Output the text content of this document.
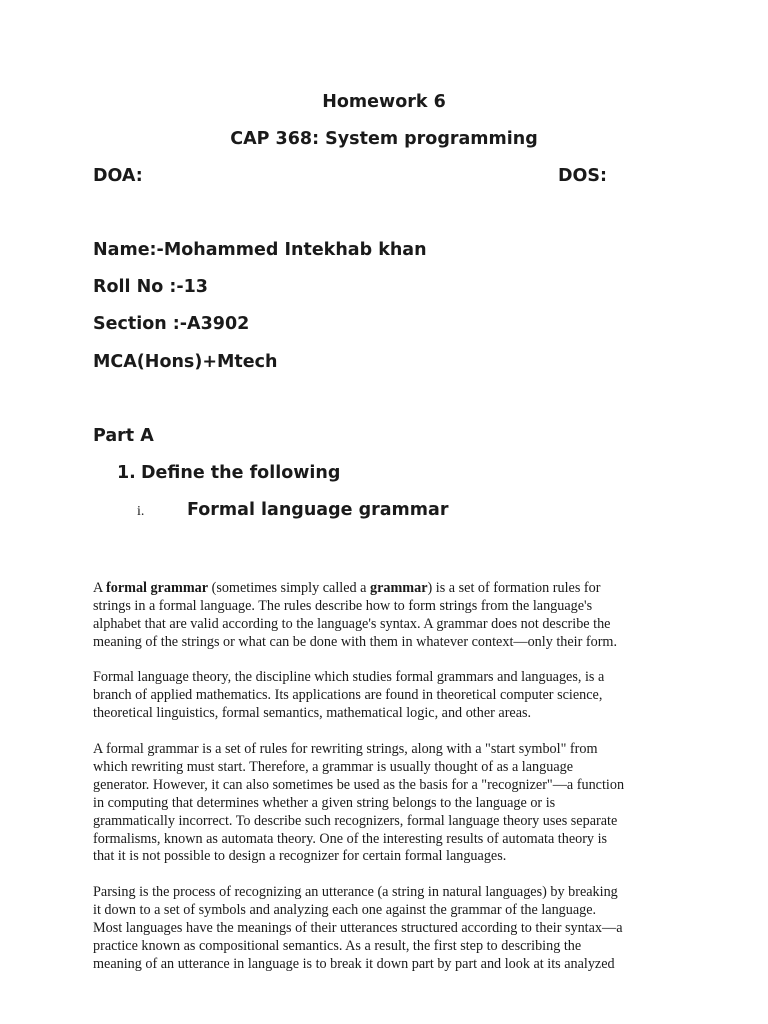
Homework 6
CAP 368: System programming
DOA:	DOS:
Name:-Mohammed Intekhab khan
Roll No :-13
Section :-A3902
MCA(Hons)+Mtech
Part A
1. Define the following
i. Formal language grammar

A formal grammar (sometimes simply called a grammar) is a set of formation rules for

strings in a formal language. The rules describe how to form strings from the language's

alphabet that are valid according to the language's syntax. A grammar does not describe the

meaning of the strings or what can be done with them in whatever context—only their form.

Formal language theory, the discipline which studies formal grammars and languages, is a

branch of applied mathematics. Its applications are found in theoretical computer science,

theoretical linguistics, formal semantics, mathematical logic, and other areas.

A formal grammar is a set of rules for rewriting strings, along with a "start symbol" from

which rewriting must start. Therefore, a grammar is usually thought of as a language

generator. However, it can also sometimes be used as the basis for a "recognizer"—a function

in computing that determines whether a given string belongs to the language or is

grammatically incorrect. To describe such recognizers, formal language theory uses separate

formalisms, known as automata theory. One of the interesting results of automata theory is

that it is not possible to design a recognizer for certain formal languages.

Parsing is the process of recognizing an utterance (a string in natural languages) by breaking

it down to a set of symbols and analyzing each one against the grammar of the language.

Most languages have the meanings of their utterances structured according to their syntax—a

practice known as compositional semantics. As a result, the first step to describing the

meaning of an utterance in language is to break it down part by part and look at its analyzed
